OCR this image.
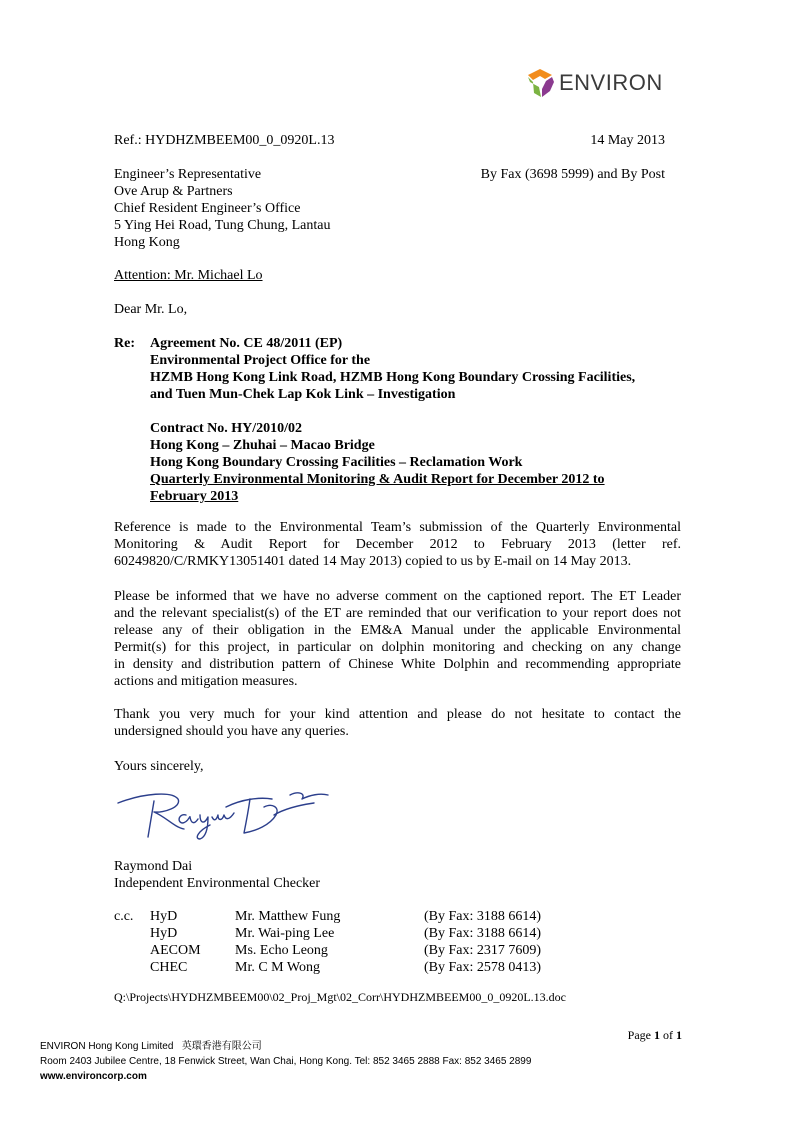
ENVIRON
Ref.: HYDHZMBEEM00_0_0920L.13	14 May 2013
Engineer’s Representative
Ove Arup & Partners
Chief Resident Engineer’s Office
5 Ying Hei Road, Tung Chung, Lantau
Hong Kong
By Fax (3698 5999) and By Post
Attention: Mr. Michael Lo
Dear Mr. Lo,
Re: Agreement No. CE 48/2011 (EP)
Environmental Project Office for the
HZMB Hong Kong Link Road, HZMB Hong Kong Boundary Crossing Facilities,
and Tuen Mun-Chek Lap Kok Link – Investigation
Contract No. HY/2010/02
Hong Kong – Zhuhai – Macao Bridge
Hong Kong Boundary Crossing Facilities – Reclamation Work
Quarterly Environmental Monitoring & Audit Report for December 2012 to
February 2013
Reference is made to the Environmental Team’s submission of the Quarterly Environmental
Monitoring & Audit Report for December 2012 to February 2013 (letter ref.
60249820/C/RMKY13051401 dated 14 May 2013) copied to us by E-mail on 14 May 2013.
Please be informed that we have no adverse comment on the captioned report. The ET Leader
and the relevant specialist(s) of the ET are reminded that our verification to your report does not
release any of their obligation in the EM&A Manual under the applicable Environmental
Permit(s) for this project, in particular on dolphin monitoring and checking on any change
in density and distribution pattern of Chinese White Dolphin and recommending appropriate
actions and mitigation measures.
Thank you very much for your kind attention and please do not hesitate to contact the
undersigned should you have any queries.
Yours sincerely,
Raymond Dai
Independent Environmental Checker
c.c.	HyD	Mr. Matthew Fung	(By Fax: 3188 6614)
	HyD	Mr. Wai-ping Lee	(By Fax: 3188 6614)
	AECOM	Ms. Echo Leong	(By Fax: 2317 7609)
	CHEC	Mr. C M Wong	(By Fax: 2578 0413)
Q:\Projects\HYDHZMBEEM00\02_Proj_Mgt\02_Corr\HYDHZMBEEM00_0_0920L.13.doc
Page 1 of 1
ENVIRON Hong Kong Limited 英環香港有限公司
Room 2403 Jubilee Centre, 18 Fenwick Street, Wan Chai, Hong Kong. Tel: 852 3465 2888 Fax: 852 3465 2899
www.environcorp.com
